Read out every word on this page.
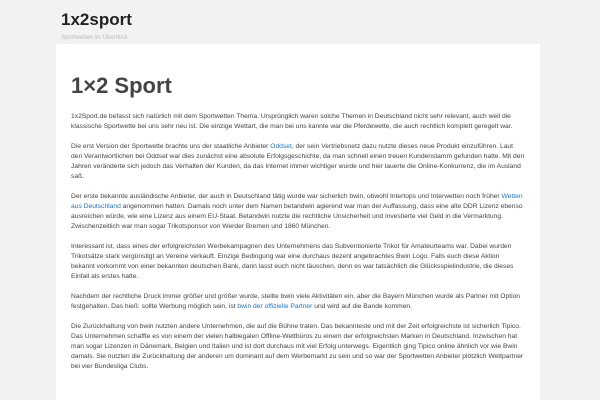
1x2sport
Sportwetten im Überblick
1×2 Sport

1x2Sport.de befasst sich natürlich mit dem Sportwetten Thema. Ursprünglich waren solche Themen in Deutschland nicht sehr relevant, auch weil die klassische Sportwette bei uns sehr neu ist. Die einzige Wettart, die man bei uns kannte war die Pferdewette, die auch rechtlich komplett geregelt war.

Die erst Version der Sportwette brachte uns der staatliche Anbieter Oddset, der sein Vertriebsnetz dazu nutzte dieses neue Produkt einzuführen. Laut den Verantwortlichen bei Oddset war dies zunächst eine absolute Erfolgsgeschichte, da man schnell einen treuen Kundenstamm gefunden hatte. Mit den Jahren veränderte sich jedoch das Verhalten der Kunden, da das Internet immer wichtiger wurde und hier lauerte die Online-Konkurrenz, die im Ausland saß.

Der erste bekannte ausländische Anbieter, der auch in Deutschland tätig wurde war sicherlich bwin, obwohl Intertops und Interwetten noch früher Wetten aus Deutschland angenommen hatten. Damals noch unter dem Namen betandwin agierend war man der Auffassung, dass eine alte DDR Lizenz ebenso ausreichen würde, wie eine Lizenz aus einem EU-Staat. Betandwin nutzte die rechtliche Unsicherheit und investierte viel Geld in die Vermarktung. Zwischenzeitlich war man sogar Trikotsponsor von Werder Bremen und 1860 München.

Interessant ist, dass eines der erfolgreichsten Werbekampagnen des Unternehmens das Subventionierte Trikot für Amateurteams war. Dabei wurden Trikotsätze stark vergünstigt an Vereine verkauft. Einzige Bedingung war eine durchaus dezent angebrachtes Bwin Logo. Falls euch diese Aktion bekannt vorkommt von einer bekannten deutschen Bank, dann lasst euch nicht täuschen, denn es war tatsächlich die Glücksspielindustrie, die dieses Einfall als erstes hatte.

Nachdem der rechtliche Druck immer größer und größer wurde, stellte bwin viele Aktivitäten ein, aber die Bayern München wurde als Partner mit Option festgehalten. Das hieß: sollte Werbung möglich sein, ist bwin der offizielle Partner und wird auf die Bande kommen.

Die Zurückhaltung von bwin nutzten andere Unternehmen, die auf die Bühne traten. Das bekannteste und mit der Zeit erfolgreichste ist sicherlich Tipico. Das Unternehmen schaffte es von einem der vielen halblegalen Offline-Wettbüros zu einem der erfolgreichsten Marken in Deutschland. Inzwischen hat man sogar Lizenzen in Dänemark, Belgien und Italien und ist dort durchaus mit viel Erfolg unterwegs. Eigentlich ging Tipico online ähnlich vor wie Bwin damals. Sie nutzten die Zurückhaltung der anderen um dominant auf dem Werbemarkt zu sein und so war der Sportwetten Anbieter plötzlich Wettpartner bei vier Bundesliga Clubs.
